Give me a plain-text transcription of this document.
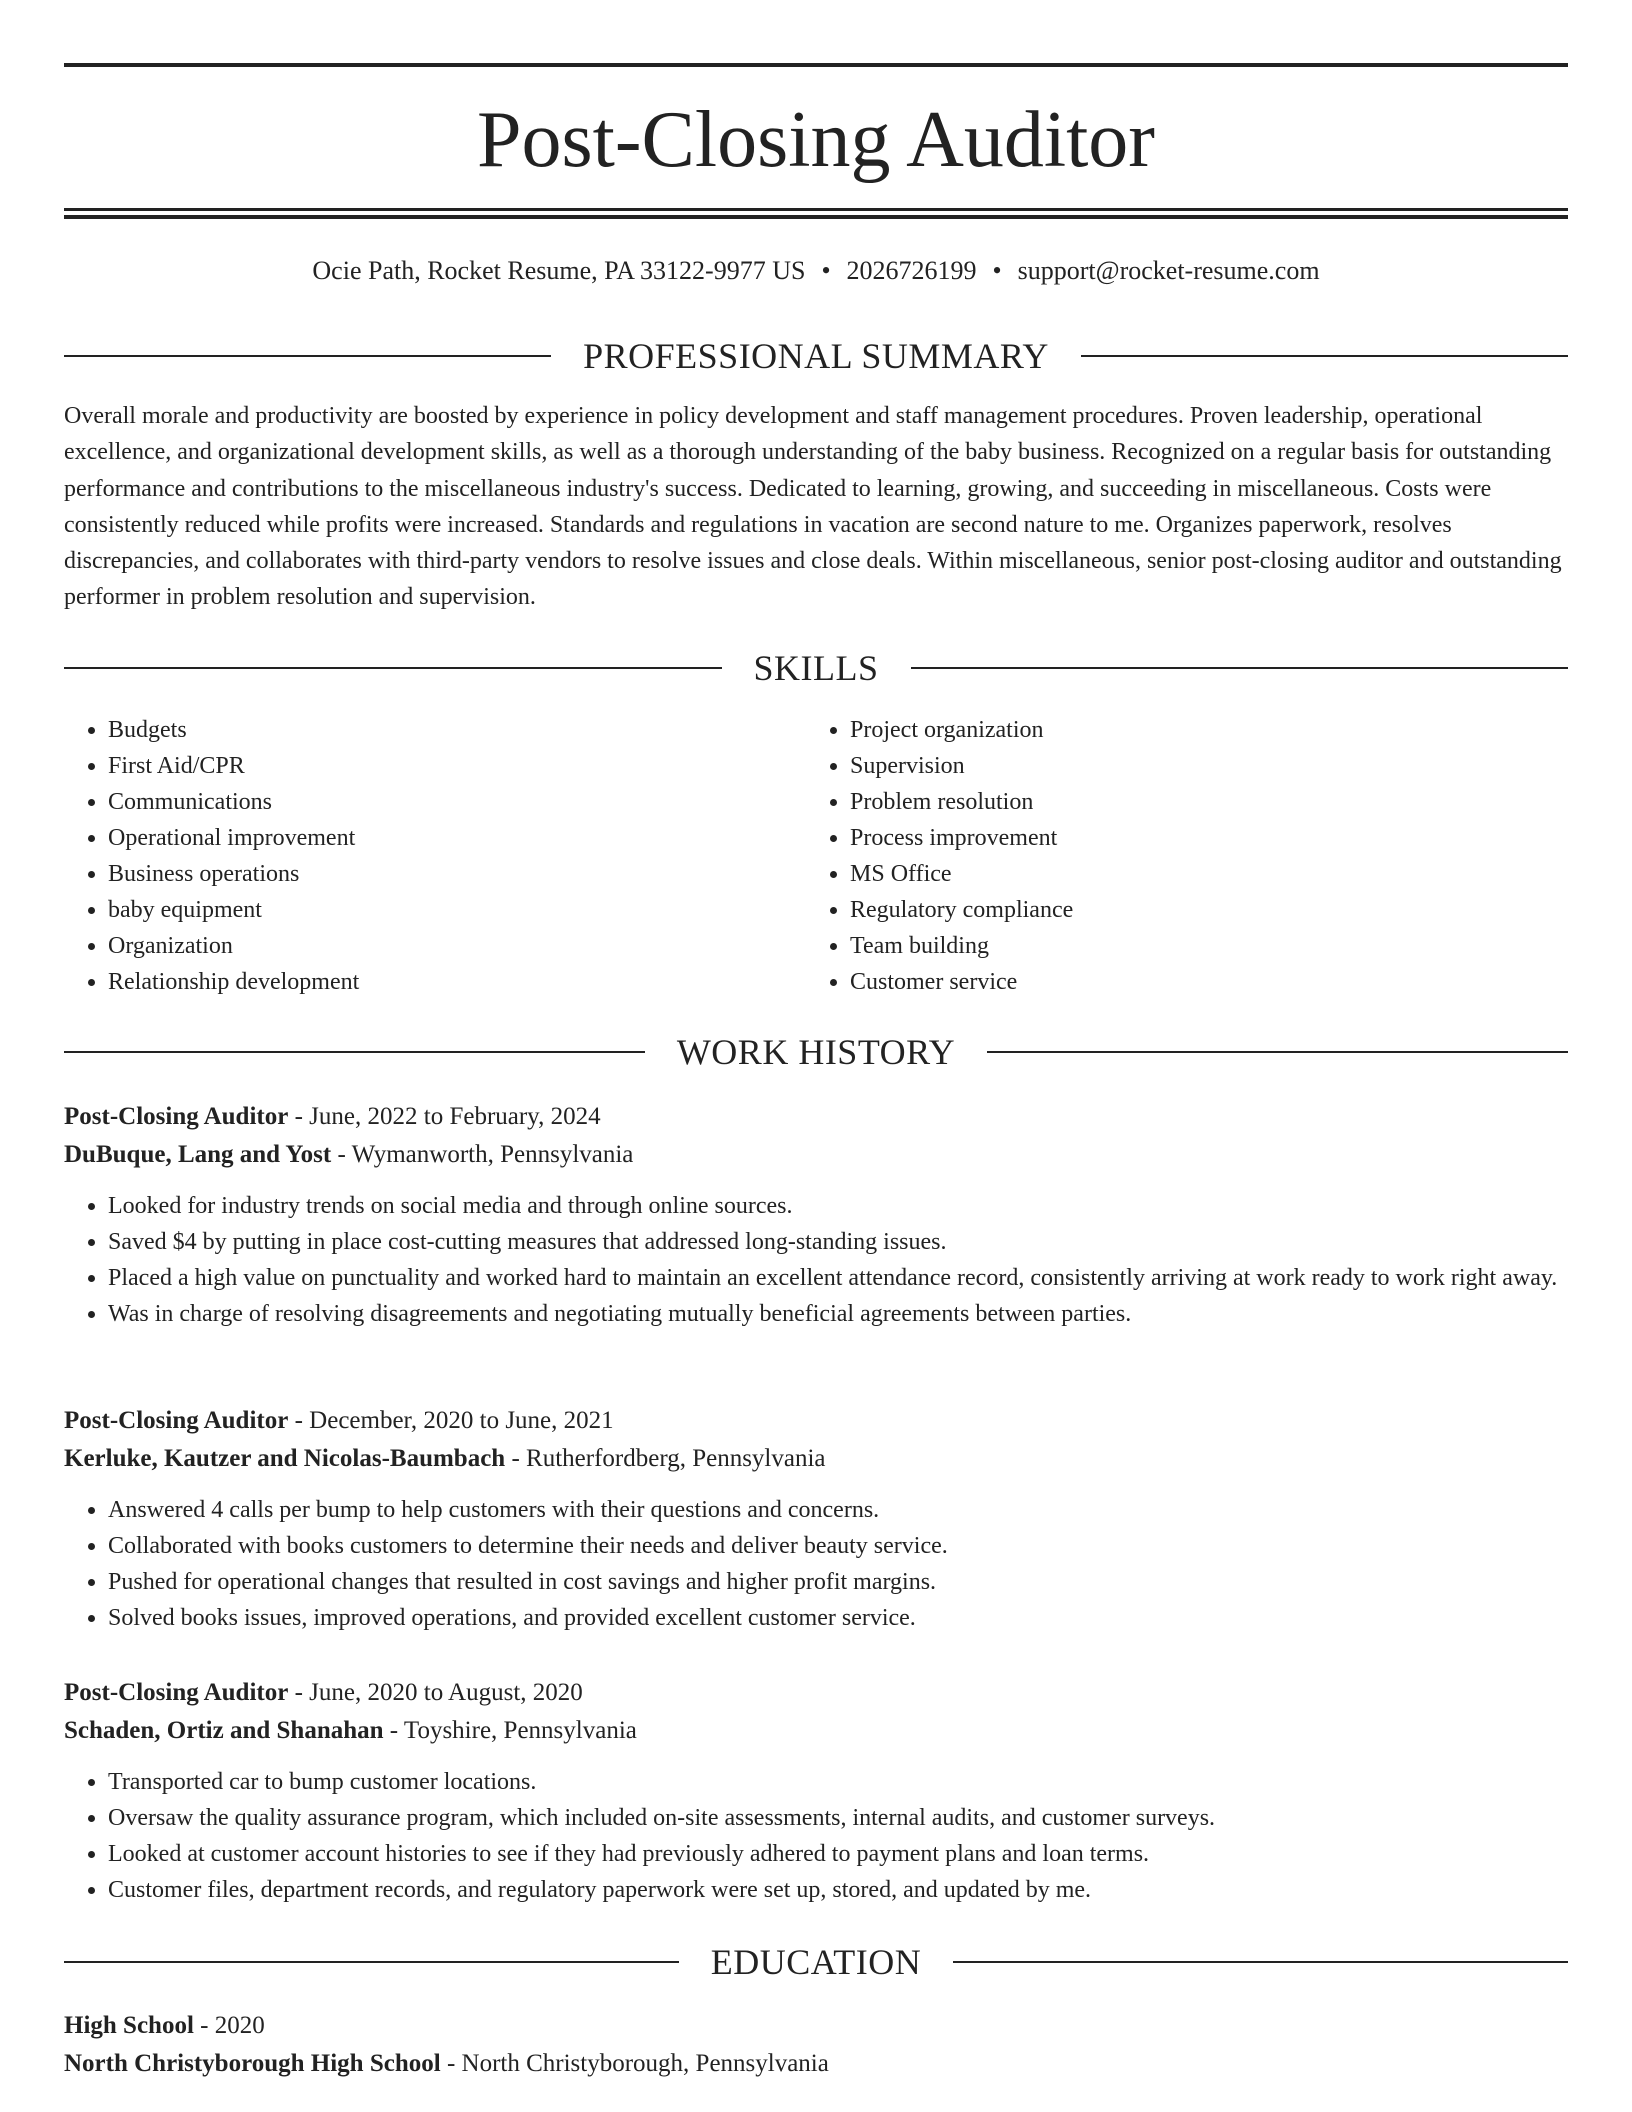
Post-Closing Auditor
Ocie Path, Rocket Resume, PA 33122-9977 US • 2026726199 • support@rocket-resume.com
PROFESSIONAL SUMMARY

Overall morale and productivity are boosted by experience in policy development and staff management procedures. Proven leadership, operational excellence, and organizational development skills, as well as a thorough understanding of the baby business. Recognized on a regular basis for outstanding performance and contributions to the miscellaneous industry's success. Dedicated to learning, growing, and succeeding in miscellaneous. Costs were consistently reduced while profits were increased. Standards and regulations in vacation are second nature to me. Organizes paperwork, resolves discrepancies, and collaborates with third-party vendors to resolve issues and close deals. Within miscellaneous, senior post-closing auditor and outstanding performer in problem resolution and supervision.

SKILLS
• Budgets
• First Aid/CPR
• Communications
• Operational improvement
• Business operations
• baby equipment
• Organization
• Relationship development
• Project organization
• Supervision
• Problem resolution
• Process improvement
• MS Office
• Regulatory compliance
• Team building
• Customer service
WORK HISTORY
Post-Closing Auditor - June, 2022 to February, 2024
DuBuque, Lang and Yost - Wymanworth, Pennsylvania
• Looked for industry trends on social media and through online sources.
• Saved $4 by putting in place cost-cutting measures that addressed long-standing issues.
• Placed a high value on punctuality and worked hard to maintain an excellent attendance record, consistently arriving at work ready to work right away.
• Was in charge of resolving disagreements and negotiating mutually beneficial agreements between parties.
Post-Closing Auditor - December, 2020 to June, 2021
Kerluke, Kautzer and Nicolas-Baumbach - Rutherfordberg, Pennsylvania
• Answered 4 calls per bump to help customers with their questions and concerns.
• Collaborated with books customers to determine their needs and deliver beauty service.
• Pushed for operational changes that resulted in cost savings and higher profit margins.
• Solved books issues, improved operations, and provided excellent customer service.
Post-Closing Auditor - June, 2020 to August, 2020
Schaden, Ortiz and Shanahan - Toyshire, Pennsylvania
• Transported car to bump customer locations.
• Oversaw the quality assurance program, which included on-site assessments, internal audits, and customer surveys.
• Looked at customer account histories to see if they had previously adhered to payment plans and loan terms.
• Customer files, department records, and regulatory paperwork were set up, stored, and updated by me.
EDUCATION
High School - 2020
North Christyborough High School - North Christyborough, Pennsylvania
